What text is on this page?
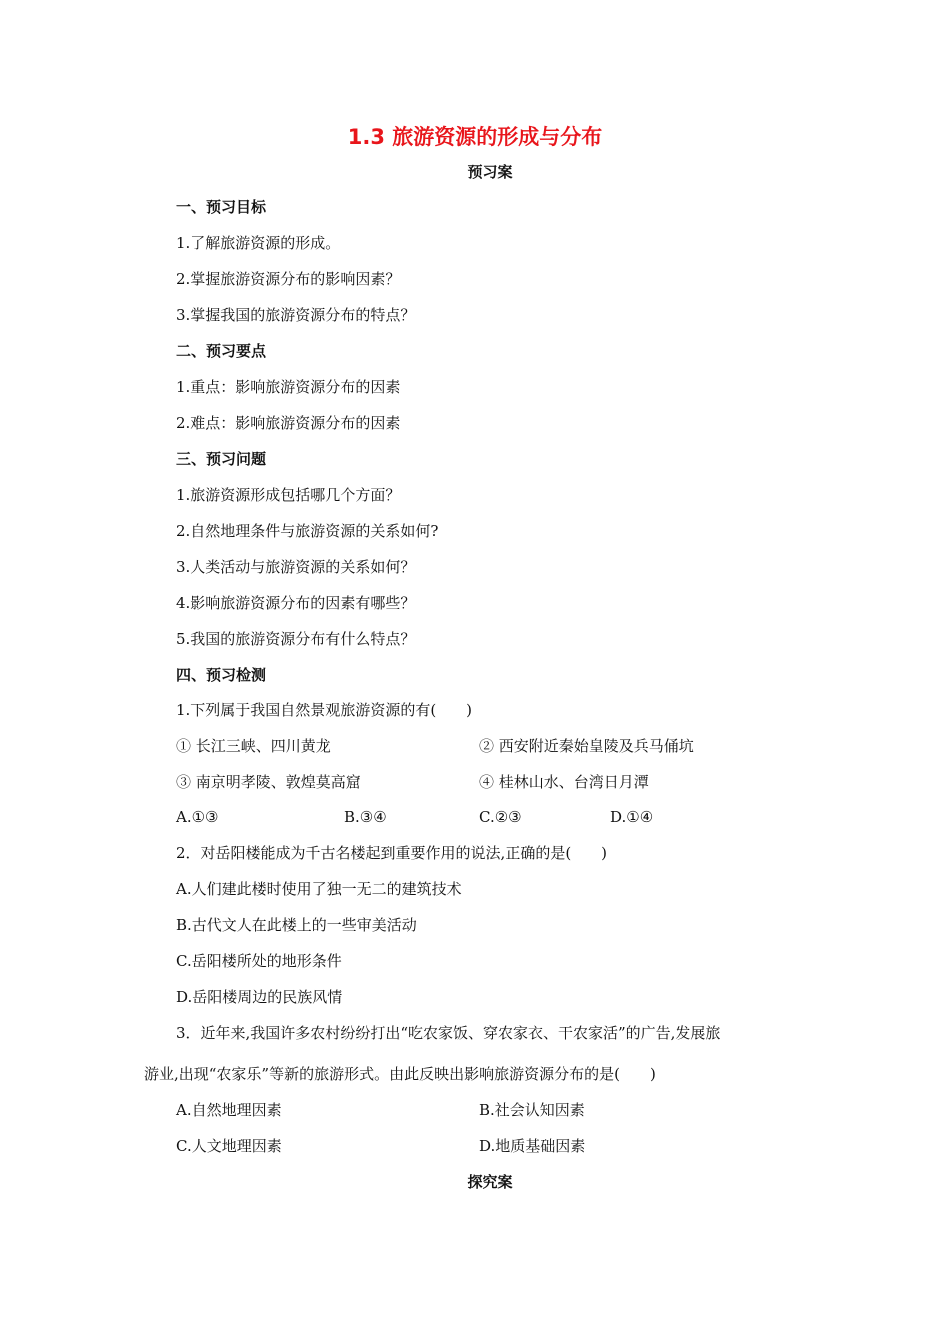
1.3 旅游资源的形成与分布
预习案
一、预习目标
1.了解旅游资源的形成。
2.掌握旅游资源分布的影响因素？
3.掌握我国的旅游资源分布的特点？
二、预习要点
1.重点：影响旅游资源分布的因素
2.难点：影响旅游资源分布的因素
三、预习问题
1.旅游资源形成包括哪几个方面？
2.自然地理条件与旅游资源的关系如何?
3.人类活动与旅游资源的关系如何？
4.影响旅游资源分布的因素有哪些？
5.我国的旅游资源分布有什么特点？
四、预习检测
1.下列属于我国自然景观旅游资源的有(　　)
① 长江三峡、四川黄龙	② 西安附近秦始皇陵及兵马俑坑
③ 南京明孝陵、敦煌莫高窟	④ 桂林山水、台湾日月潭
A.①③	B.③④	C.②③	D.①④
2．对岳阳楼能成为千古名楼起到重要作用的说法,正确的是(　　)
A.人们建此楼时使用了独一无二的建筑技术
B.古代文人在此楼上的一些审美活动
C.岳阳楼所处的地形条件
D.岳阳楼周边的民族风情
3．近年来,我国许多农村纷纷打出“吃农家饭、穿农家衣、干农家活”的广告,发展旅
游业,出现“农家乐”等新的旅游形式。由此反映出影响旅游资源分布的是(　　)
A.自然地理因素	B.社会认知因素
C.人文地理因素	D.地质基础因素
探究案
